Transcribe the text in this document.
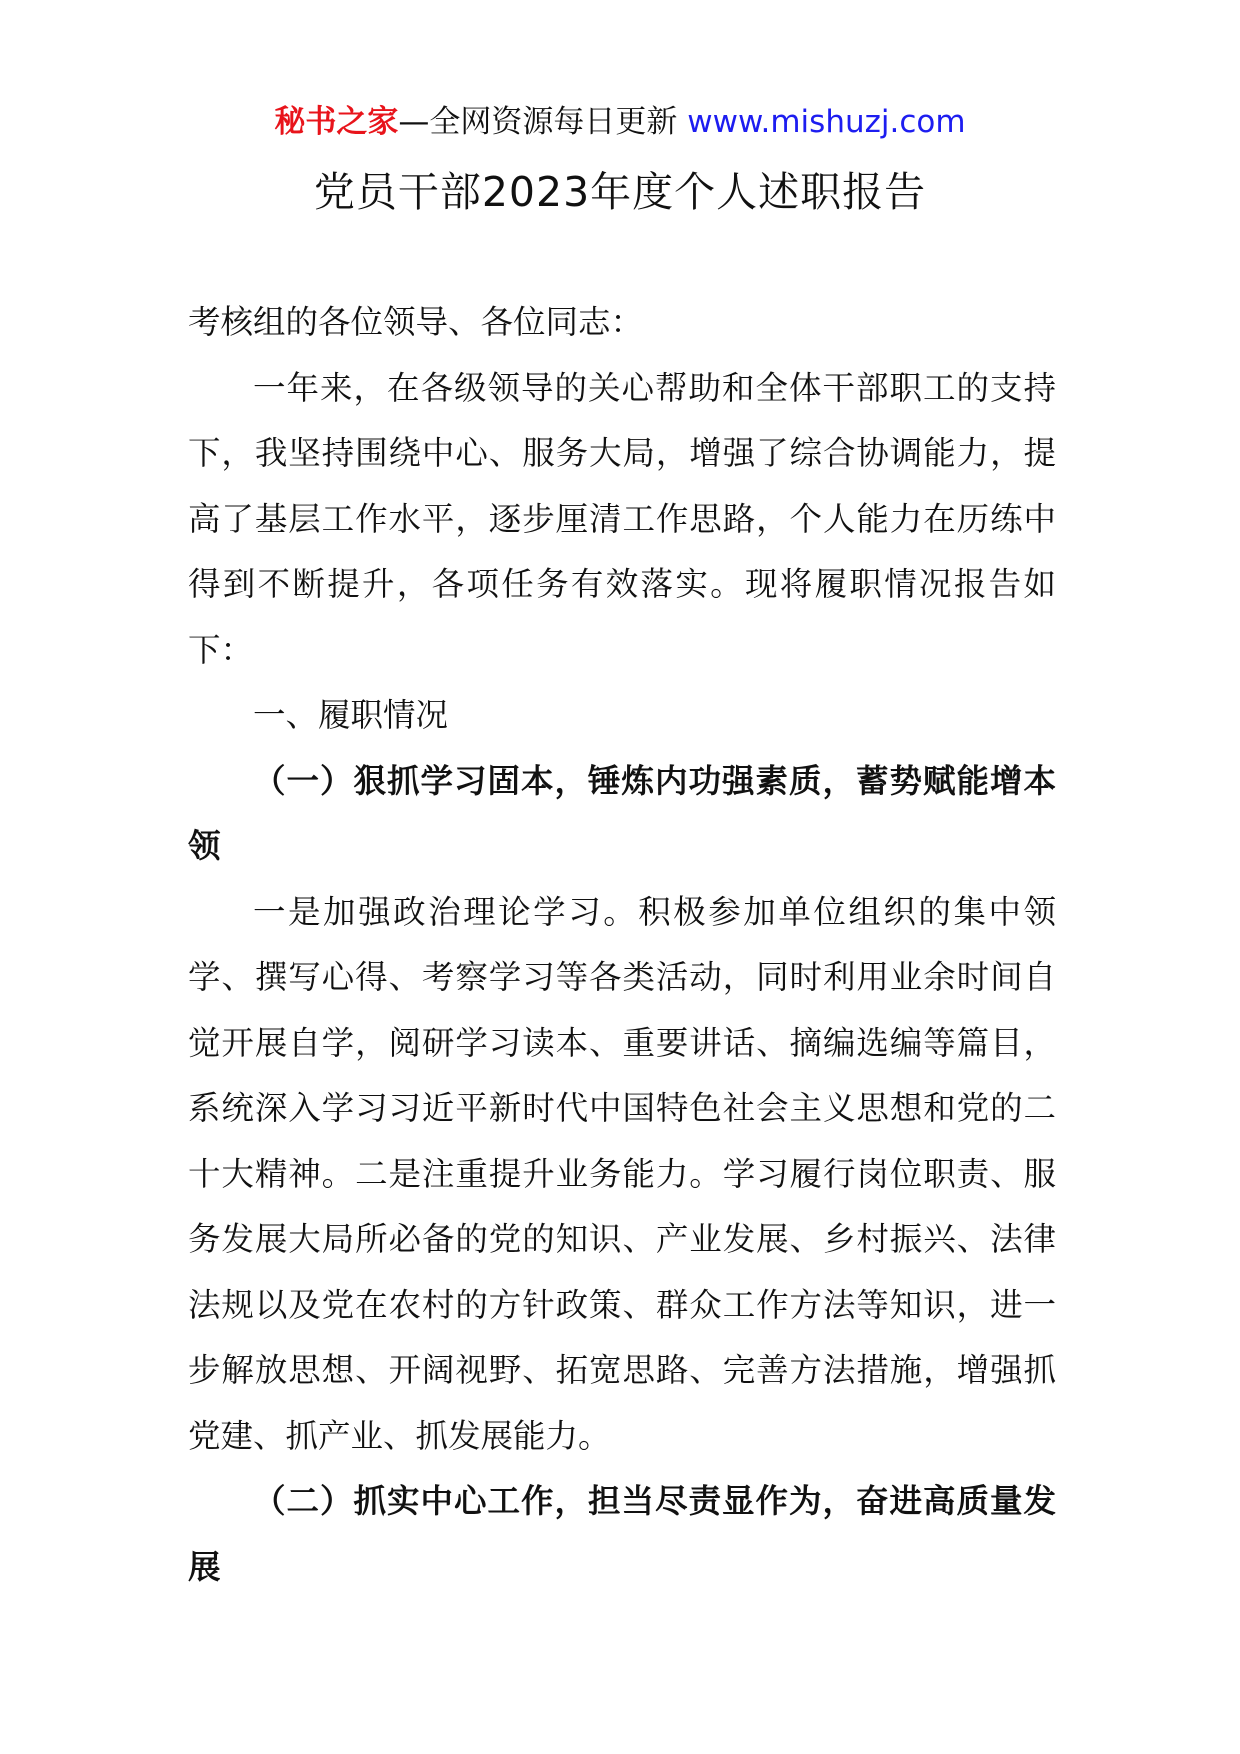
秘书之家—全网资源每日更新 www.mishuzj.com
党员干部2023年度个人述职报告

考核组的各位领导、各位同志：

一年来，在各级领导的关心帮助和全体干部职工的支持下，我坚持围绕中心、服务大局，增强了综合协调能力，提高了基层工作水平，逐步厘清工作思路，个人能力在历练中得到不断提升，各项任务有效落实。现将履职情况报告如下：

一、履职情况

（一）狠抓学习固本，锤炼内功强素质，蓄势赋能增本领

一是加强政治理论学习。积极参加单位组织的集中领学、撰写心得、考察学习等各类活动，同时利用业余时间自觉开展自学，阅研学习读本、重要讲话、摘编选编等篇目，系统深入学习习近平新时代中国特色社会主义思想和党的二十大精神。二是注重提升业务能力。学习履行岗位职责、服务发展大局所必备的党的知识、产业发展、乡村振兴、法律法规以及党在农村的方针政策、群众工作方法等知识，进一步解放思想、开阔视野、拓宽思路、完善方法措施，增强抓党建、抓产业、抓发展能力。

（二）抓实中心工作，担当尽责显作为，奋进高质量发展
